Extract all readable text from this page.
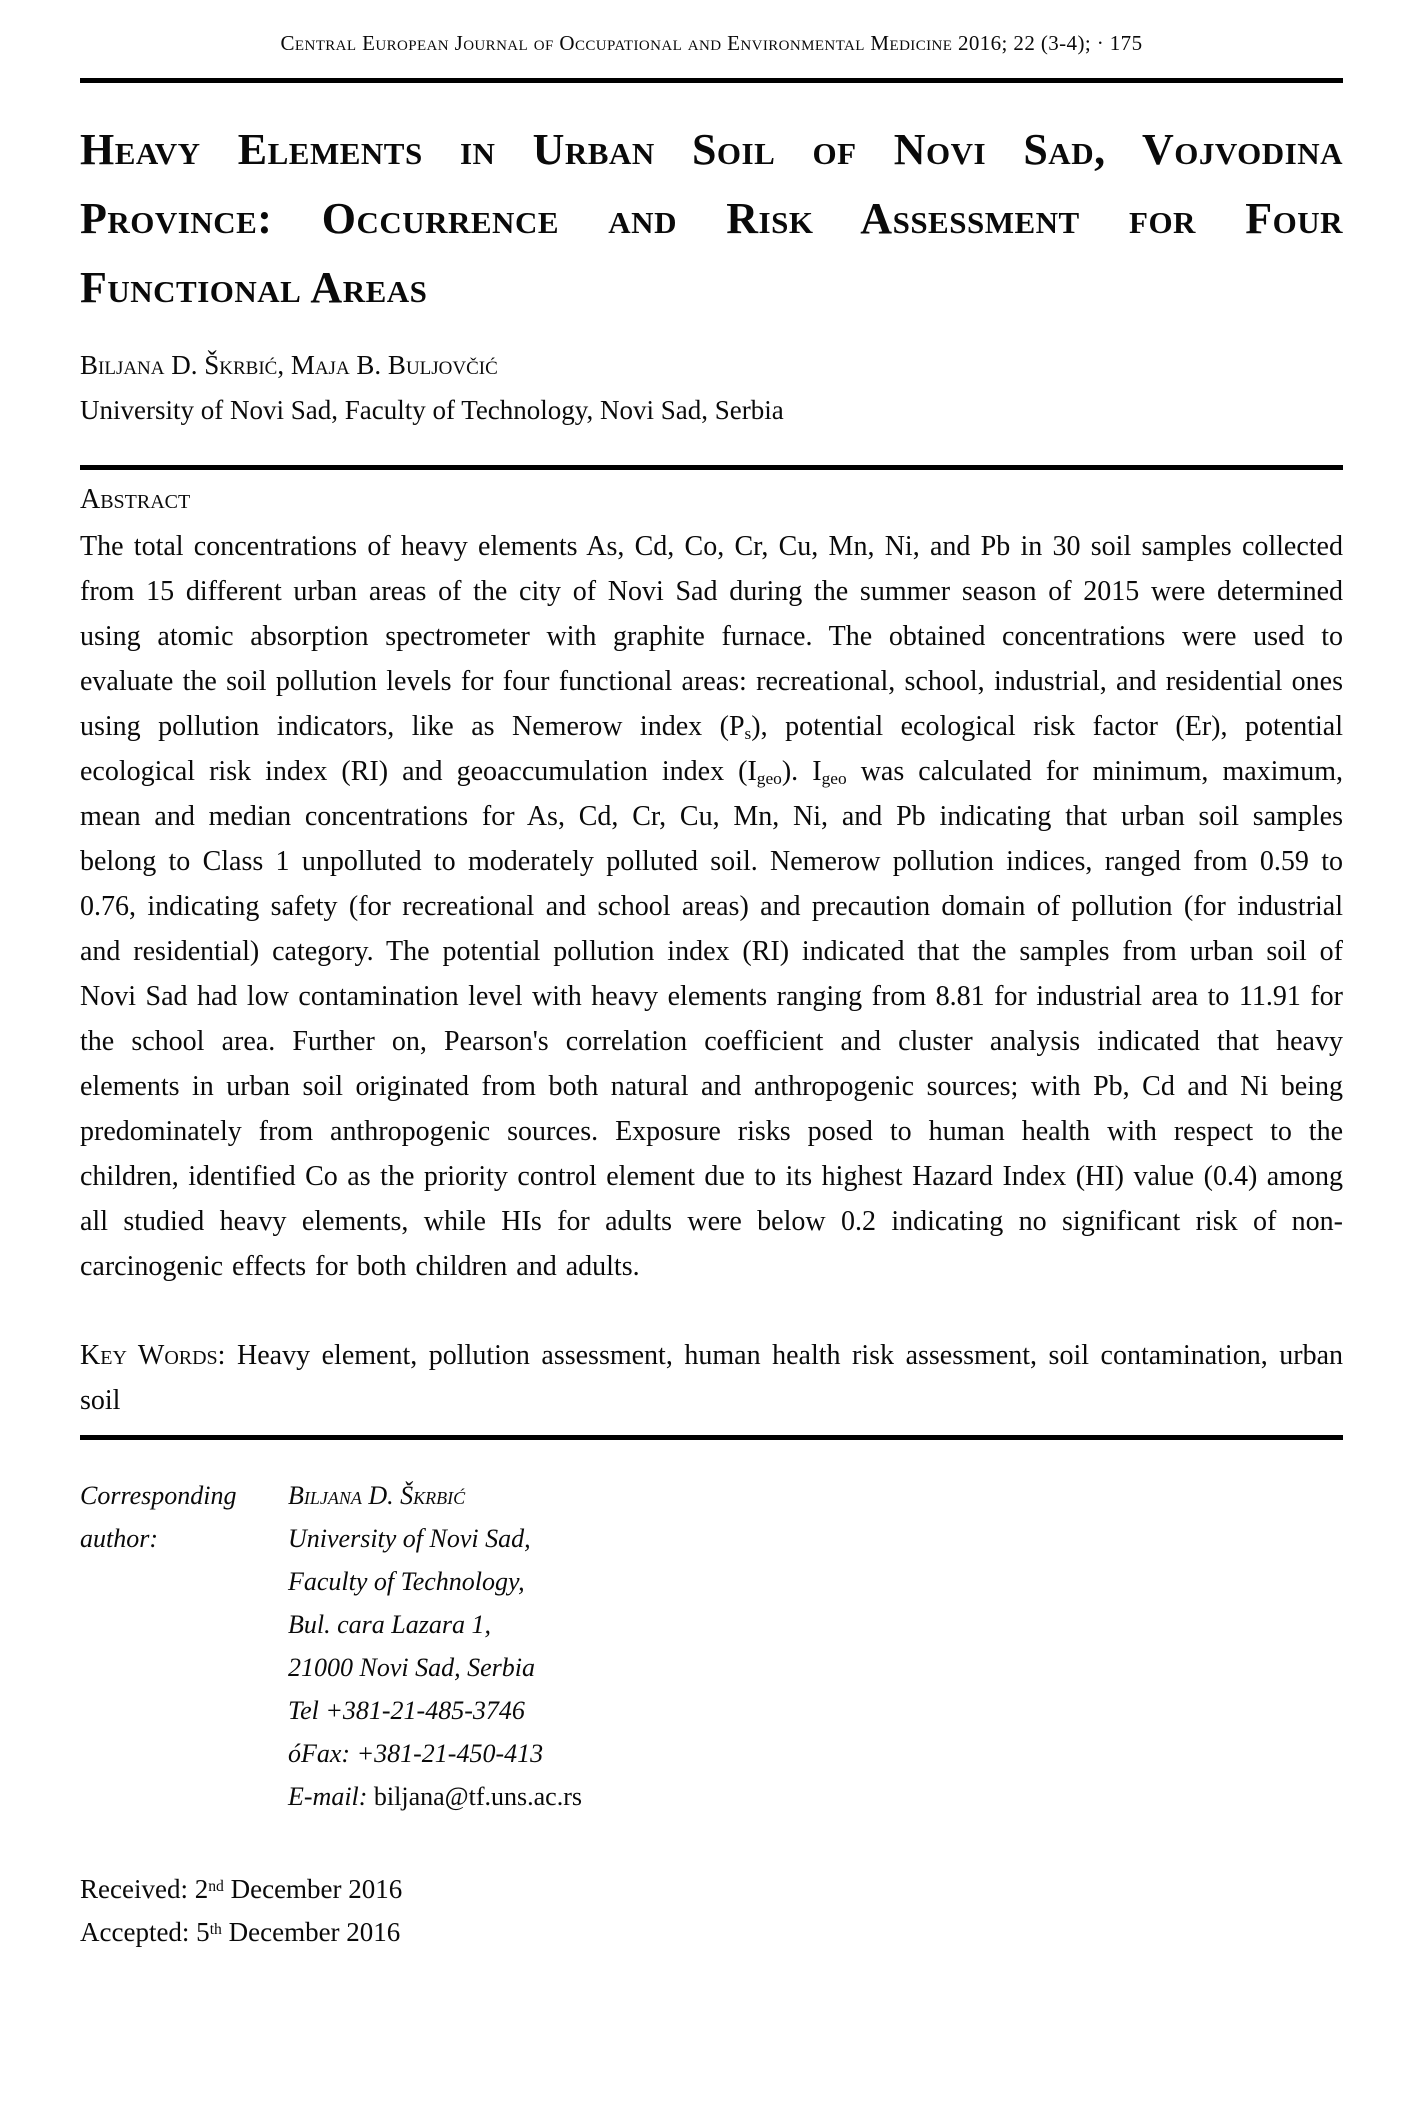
Central European Journal of Occupational and Environmental Medicine 2016; 22 (3-4); · 175
Heavy Elements in Urban Soil of Novi Sad, Vojvodina
Province: Occurrence and Risk Assessment for Four
Functional Areas
Biljana D. Škrbić, Maja B. Buljovčić
University of Novi Sad, Faculty of Technology, Novi Sad, Serbia
Abstract

The total concentrations of heavy elements As, Cd, Co, Cr, Cu, Mn, Ni, and Pb in 30 soil samples collected from 15 different urban areas of the city of Novi Sad during the summer season of 2015 were determined using atomic absorption spectrometer with graphite furnace. The obtained concentrations were used to evaluate the soil pollution levels for four functional areas: recreational, school, industrial, and residential ones using pollution indicators, like as Nemerow index $(P_s)$, potential ecological risk factor (Er), potential ecological risk index (RI) and geoaccumulation index $(I_{geo})$. $I_{geo}$ was calculated for minimum, maximum, mean and median concentrations for As, Cd, Cr, Cu, Mn, Ni, and Pb indicating that urban soil samples belong to Class 1 unpolluted to moderately polluted soil. Nemerow pollution indices, ranged from 0.59 to 0.76, indicating safety (for recreational and school areas) and precaution domain of pollution (for industrial and residential) category. The potential pollution index (RI) indicated that the samples from urban soil of Novi Sad had low contamination level with heavy elements ranging from 8.81 for industrial area to 11.91 for the school area. Further on, Pearson's correlation coefficient and cluster analysis indicated that heavy elements in urban soil originated from both natural and anthropogenic sources; with Pb, Cd and Ni being predominately from anthropogenic sources. Exposure risks posed to human health with respect to the children, identified Co as the priority control element due to its highest Hazard Index (HI) value (0.4) among all studied heavy elements, while HIs for adults were below 0.2 indicating no significant risk of non-carcinogenic effects for both children and adults.

Key Words: Heavy element, pollution assessment, human health risk assessment, soil contamination, urban soil

Corresponding author:
Biljana D. Škrbić
University of Novi Sad,
Faculty of Technology,
Bul. cara Lazara 1,
21000 Novi Sad, Serbia
Tel +381-21-485-3746
óFax: +381-21-450-413
E-mail: biljana@tf.uns.ac.rs
Received: 2nd December 2016
Accepted: 5th December 2016
